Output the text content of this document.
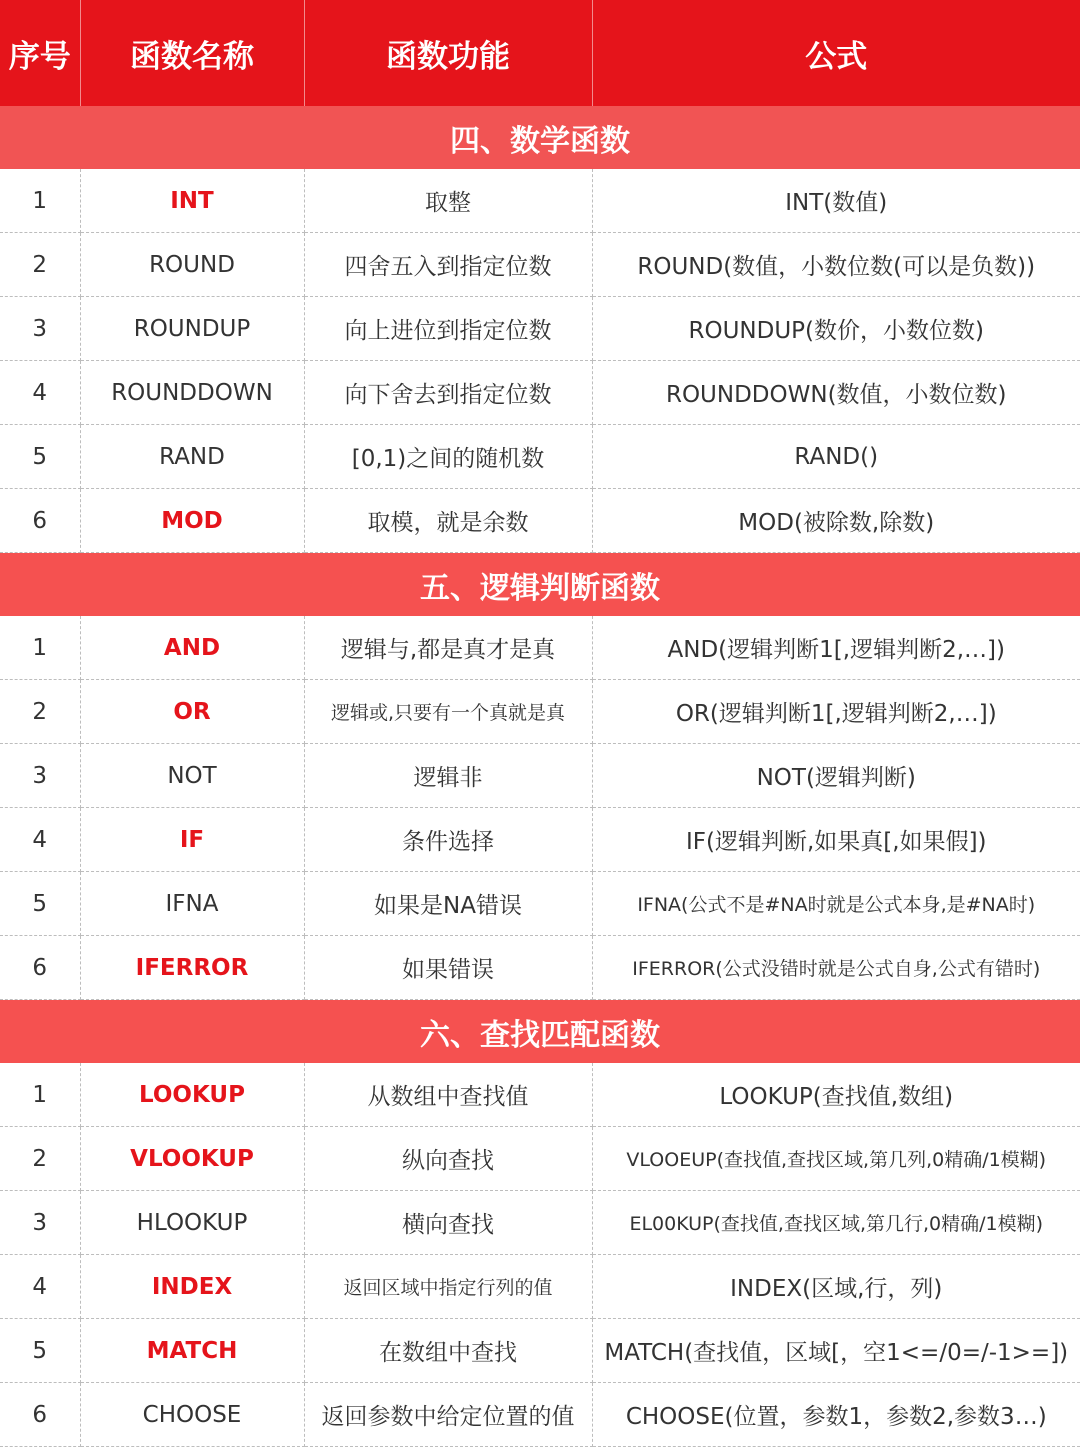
序号	函数名称	函数功能	公式
四、数学函数			
1	INT	取整	INT(数值)
2	ROUND	四舍五入到指定位数	ROUND(数值，小数位数(可以是负数))
3	ROUNDUP	向上进位到指定位数	ROUNDUP(数价，小数位数)
4	ROUNDDOWN	向下舍去到指定位数	ROUNDDOWN(数值，小数位数)
5	RAND	[0,1)之间的随机数	RAND()
6	MOD	取模，就是余数	MOD(被除数,除数)
五、逻辑判断函数			
1	AND	逻辑与,都是真才是真	AND(逻辑判断1[,逻辑判断2,…])
2	OR	逻辑或,只要有一个真就是真	OR(逻辑判断1[,逻辑判断2,…])
3	NOT	逻辑非	NOT(逻辑判断)
4	IF	条件选择	IF(逻辑判断,如果真[,如果假])
5	IFNA	如果是NA错误	IFNA(公式不是#NA时就是公式本身,是#NA时)
6	IFERROR	如果错误	IFERROR(公式没错时就是公式自身,公式有错时)
六、查找匹配函数			
1	LOOKUP	从数组中查找值	LOOKUP(查找值,数组)
2	VLOOKUP	纵向查找	VLOOEUP(查找值,查找区域,第几列,0精确/1模糊)
3	HLOOKUP	横向查找	EL00KUP(查找值,查找区域,第几行,0精确/1模糊)
4	INDEX	返回区域中指定行列的值	INDEX(区域,行，列)
5	MATCH	在数组中查找	MATCH(查找值，区域[，空1<=/0=/-1>=])
6	CHOOSE	返回参数中给定位置的值	CHOOSE(位置，参数1，参数2,参数3…)
